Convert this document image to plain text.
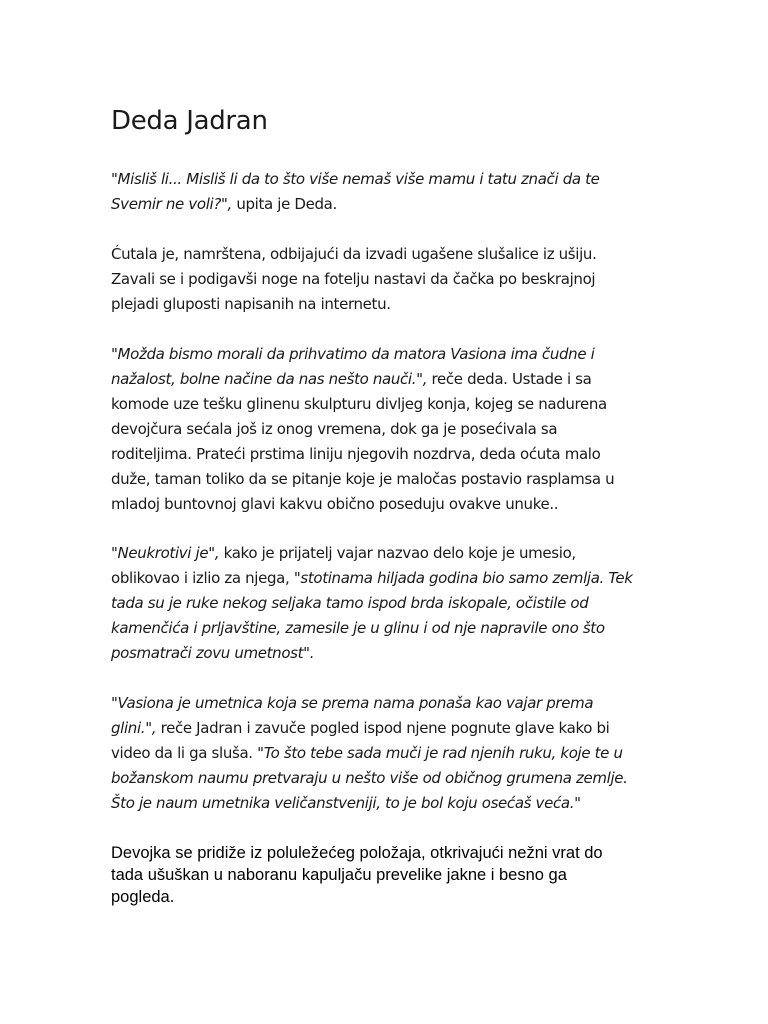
Deda Jadran
"Misliš li... Misliš li da to što više nemaš više mamu i tatu znači da te
Svemir ne voli?", upita je Deda.
Ćutala je, namrštena, odbijajući da izvadi ugašene slušalice iz ušiju.
Zavali se i podigavši noge na fotelju nastavi da čačka po beskrajnoj
plejadi gluposti napisanih na internetu.
"Možda bismo morali da prihvatimo da matora Vasiona ima čudne i
nažalost, bolne načine da nas nešto nauči.", reče deda. Ustade i sa
komode uze tešku glinenu skulpturu divljeg konja, kojeg se nadurena
devojčura sećala još iz onog vremena, dok ga je posećivala sa
roditeljima. Prateći prstima liniju njegovih nozdrva, deda oćuta malo
duže, taman toliko da se pitanje koje je maločas postavio rasplamsa u
mladoj buntovnoj glavi kakvu obično poseduju ovakve unuke..
"Neukrotivi je", kako je prijatelj vajar nazvao delo koje je umesio,
oblikovao i izlio za njega, "stotinama hiljada godina bio samo zemlja. Tek
tada su je ruke nekog seljaka tamo ispod brda iskopale, očistile od
kamenčića i prljavštine, zamesile je u glinu i od nje napravile ono što
posmatrači zovu umetnost".
"Vasiona je umetnica koja se prema nama ponaša kao vajar prema
glini.", reče Jadran i zavuče pogled ispod njene pognute glave kako bi
video da li ga sluša. "To što tebe sada muči je rad njenih ruku, koje te u
božanskom naumu pretvaraju u nešto više od običnog grumena zemlje.
Što je naum umetnika veličanstveniji, to je bol koju osećaš veća."
Devojka se pridiže iz poluležećeg položaja, otkrivajući nežni vrat do
tada ušuškan u naboranu kapuljaču prevelike jakne i besno ga
pogleda.
